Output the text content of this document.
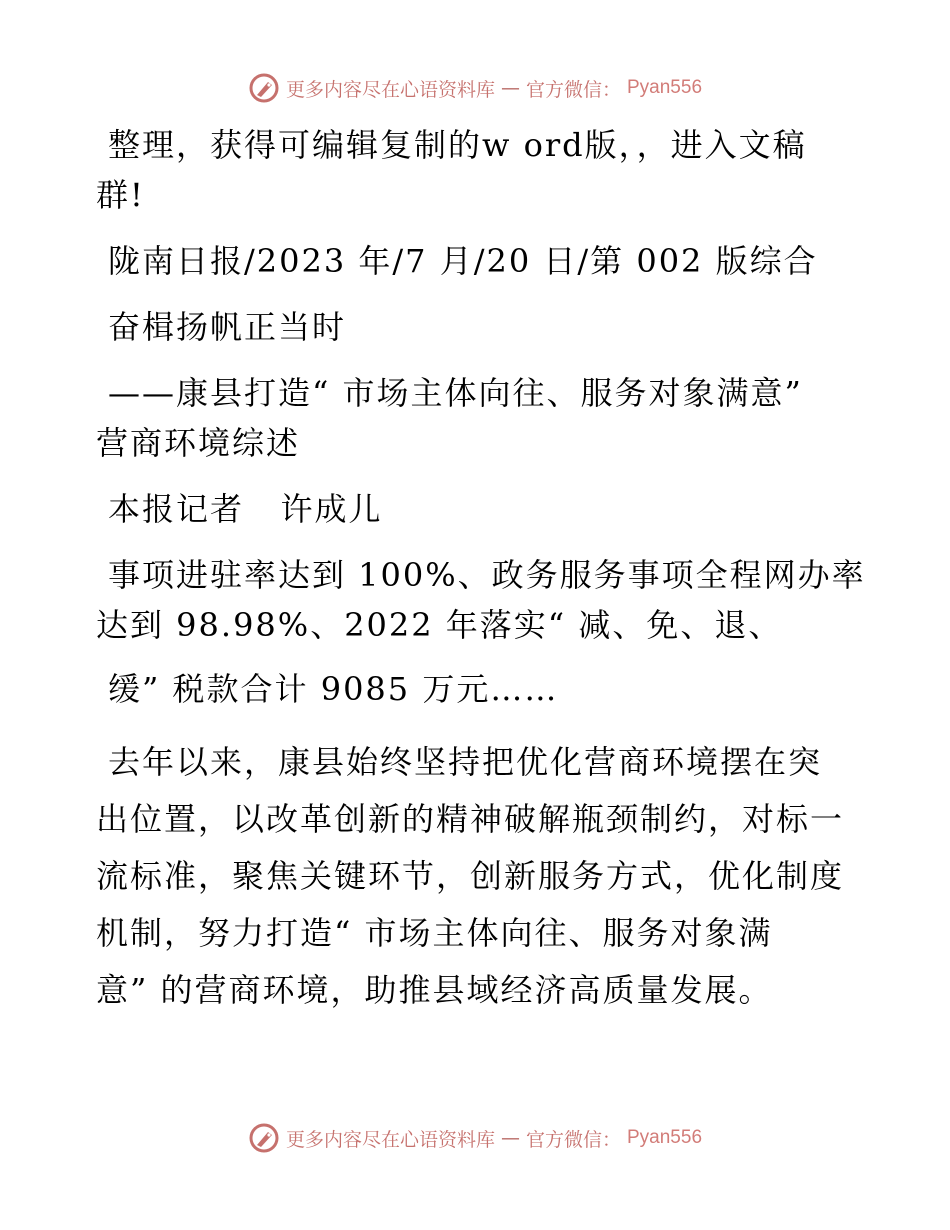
更多内容尽在心语资料库 — 官方微信： Pyan556
整理，获得可编辑复制的w ord版，，进入文稿
群!
陇南日报/2023 年/7 月/20 日/第 002 版综合
奋楫扬帆正当时
——康县打造“ 市场主体向往、服务对象满意”
营商环境综述
本报记者   许成儿
事项进驻率达到 100%、政务服务事项全程网办率
达到 98.98%、2022 年落实“ 减、免、退、
缓” 税款合计 9085 万元……
去年以来，康县始终坚持把优化营商环境摆在突
出位置，以改革创新的精神破解瓶颈制约，对标一
流标准，聚焦关键环节，创新服务方式，优化制度
机制，努力打造“ 市场主体向往、服务对象满
意” 的营商环境，助推县域经济高质量发展。
更多内容尽在心语资料库 — 官方微信： Pyan556
